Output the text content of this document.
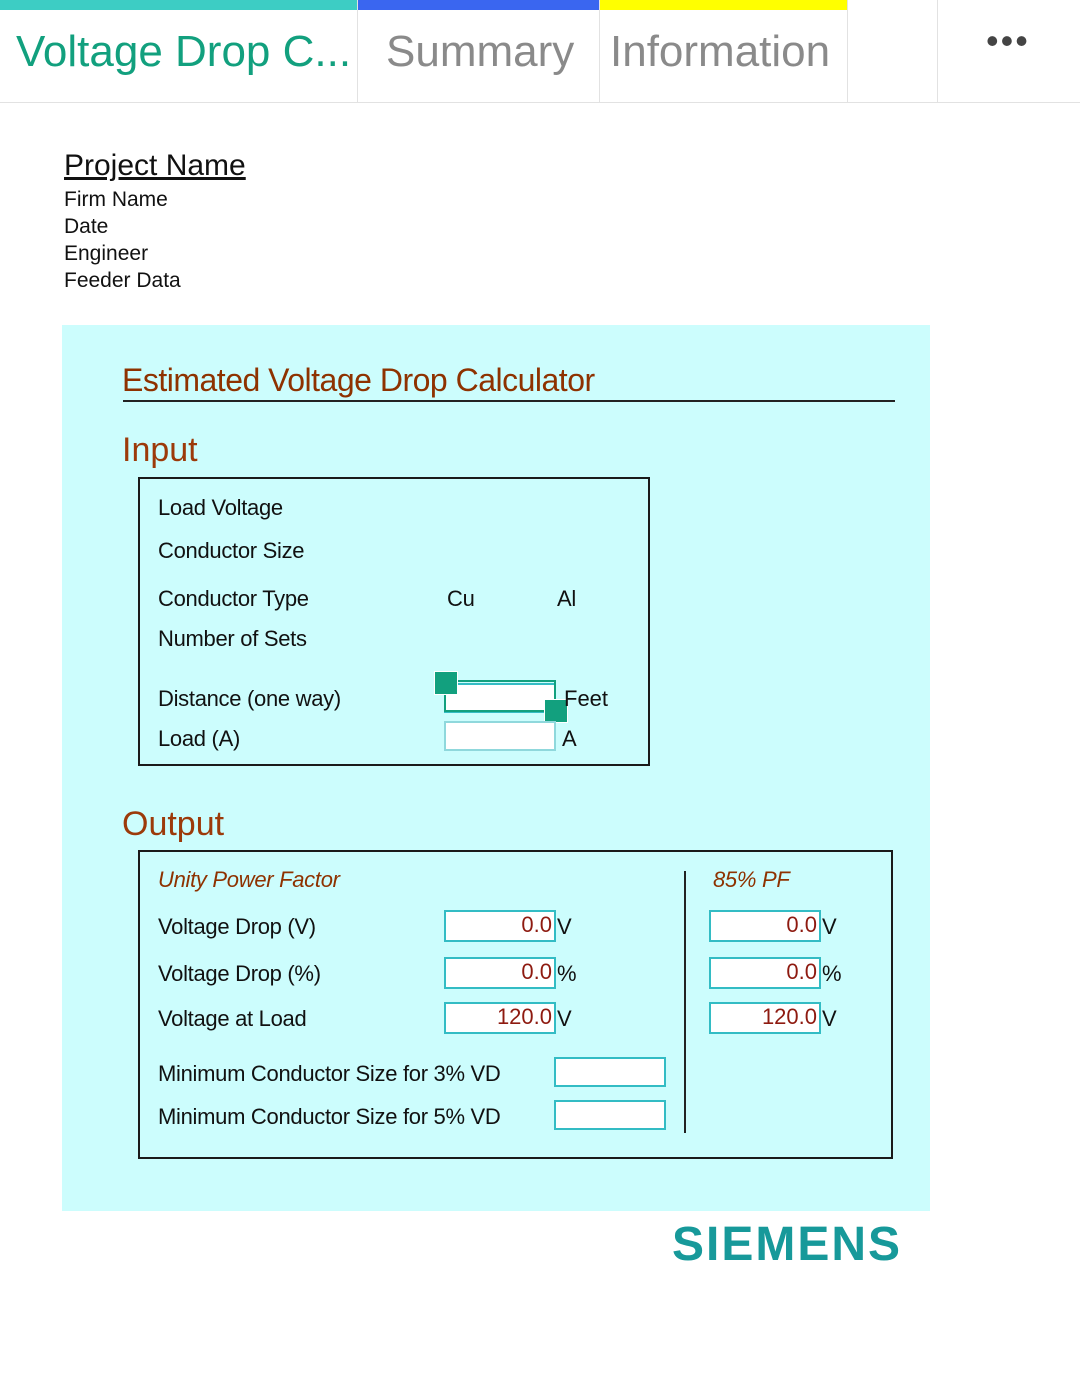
Voltage Drop C... Summary Information	•••
Project Name
Firm Name
Date
Engineer
Feeder Data
Estimated Voltage Drop Calculator
Input
Load Voltage
Conductor Size
Conductor Type	Cu	Al
Number of Sets
Distance (one way)	Feet
Load (A)	A
Output
Unity Power Factor	85% PF
Voltage Drop (V)	0.0 V	0.0 V
Voltage Drop (%)	0.0 %	0.0 %
Voltage at Load	120.0 V	120.0 V
Minimum Conductor Size for 3% VD
Minimum Conductor Size for 5% VD
SIEMENS
